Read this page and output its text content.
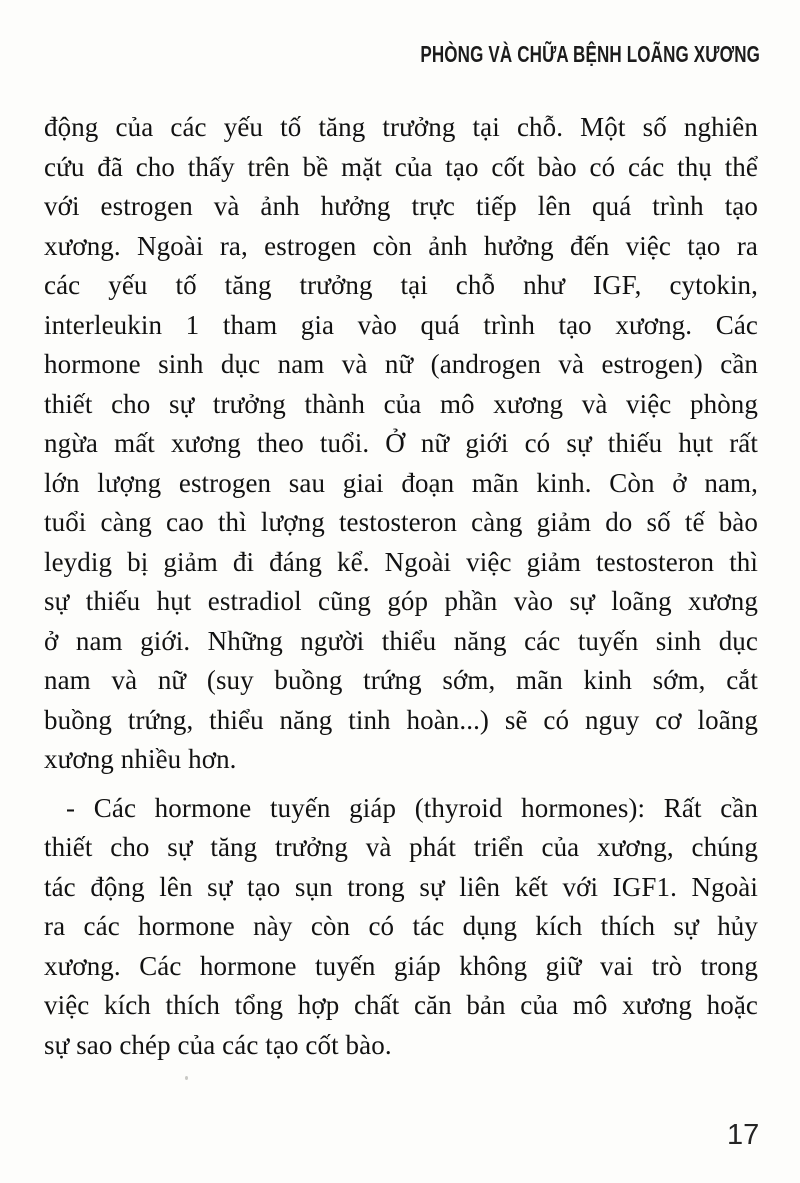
PHÒNG VÀ CHỮA BỆNH LOÃNG XƯƠNG
động của các yếu tố tăng trưởng tại chỗ. Một số nghiên
cứu đã cho thấy trên bề mặt của tạo cốt bào có các thụ thể
với estrogen và ảnh hưởng trực tiếp lên quá trình tạo
xương. Ngoài ra, estrogen còn ảnh hưởng đến việc tạo ra
các yếu tố tăng trưởng tại chỗ như IGF, cytokin,
interleukin 1 tham gia vào quá trình tạo xương. Các
hormone sinh dục nam và nữ (androgen và estrogen) cần
thiết cho sự trưởng thành của mô xương và việc phòng
ngừa mất xương theo tuổi. Ở nữ giới có sự thiếu hụt rất
lớn lượng estrogen sau giai đoạn mãn kinh. Còn ở nam,
tuổi càng cao thì lượng testosteron càng giảm do số tế bào
leydig bị giảm đi đáng kể. Ngoài việc giảm testosteron thì
sự thiếu hụt estradiol cũng góp phần vào sự loãng xương
ở nam giới. Những người thiểu năng các tuyến sinh dục
nam và nữ (suy buồng trứng sớm, mãn kinh sớm, cắt
buồng trứng, thiểu năng tinh hoàn...) sẽ có nguy cơ loãng
xương nhiều hơn.
- Các hormone tuyến giáp (thyroid hormones): Rất cần
thiết cho sự tăng trưởng và phát triển của xương, chúng
tác động lên sự tạo sụn trong sự liên kết với IGF1. Ngoài
ra các hormone này còn có tác dụng kích thích sự hủy
xương. Các hormone tuyến giáp không giữ vai trò trong
việc kích thích tổng hợp chất căn bản của mô xương hoặc
sự sao chép của các tạo cốt bào.
17
